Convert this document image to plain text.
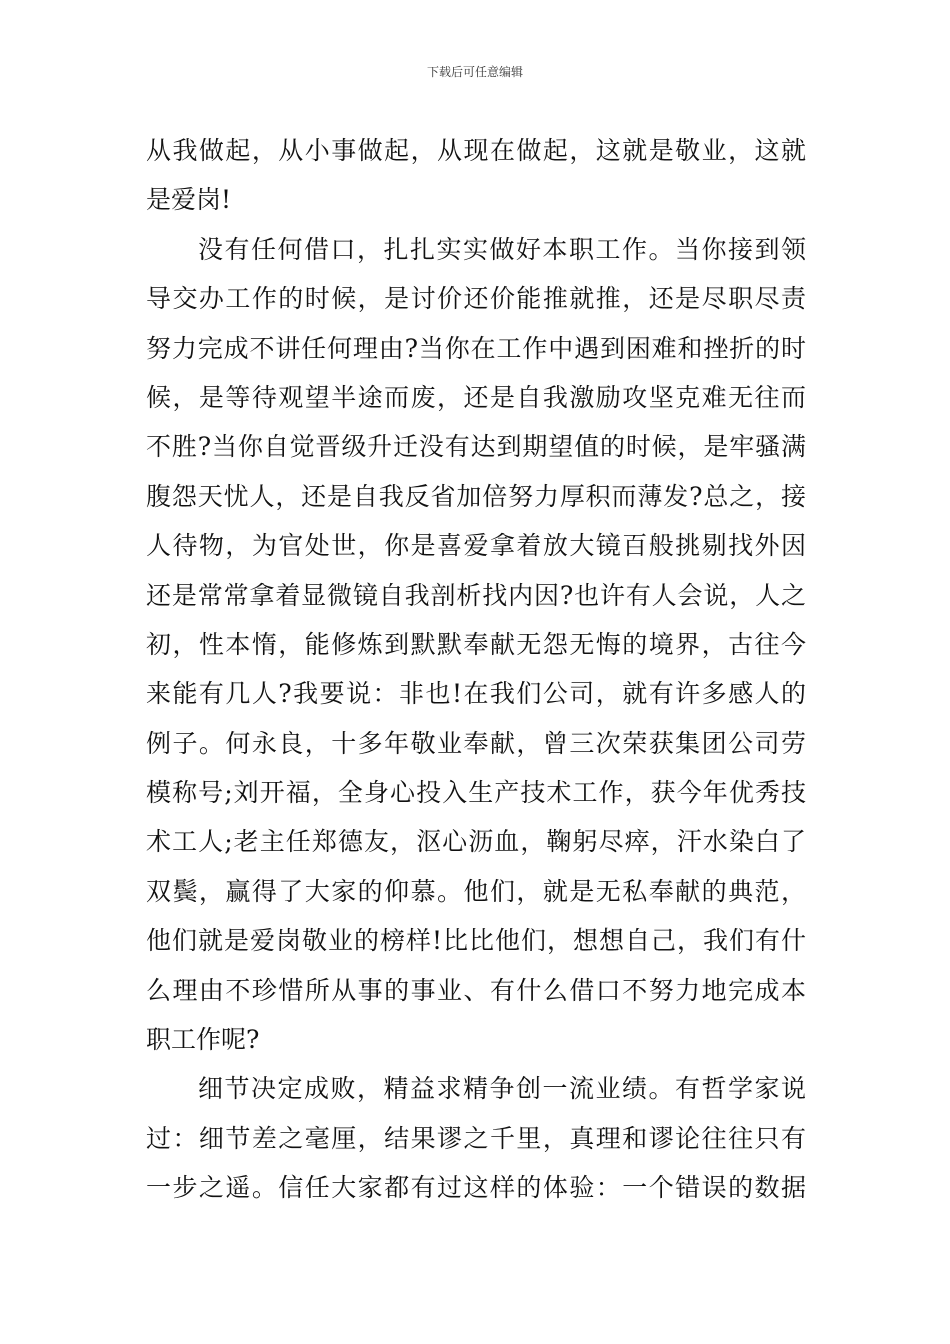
下载后可任意编辑
从我做起，从小事做起，从现在做起，这就是敬业，这就
是爱岗!
没有任何借口，扎扎实实做好本职工作。当你接到领
导交办工作的时候，是讨价还价能推就推，还是尽职尽责
努力完成不讲任何理由?当你在工作中遇到困难和挫折的时
候，是等待观望半途而废，还是自我激励攻坚克难无往而
不胜?当你自觉晋级升迁没有达到期望值的时候，是牢骚满
腹怨天忧人，还是自我反省加倍努力厚积而薄发?总之，接
人待物，为官处世，你是喜爱拿着放大镜百般挑剔找外因
还是常常拿着显微镜自我剖析找内因?也许有人会说，人之
初，性本惰，能修炼到默默奉献无怨无悔的境界，古往今
来能有几人?我要说：非也!在我们公司，就有许多感人的
例子。何永良，十多年敬业奉献，曾三次荣获集团公司劳
模称号;刘开福，全身心投入生产技术工作，获今年优秀技
术工人;老主任郑德友，沤心沥血，鞠躬尽瘁，汗水染白了
双鬓，赢得了大家的仰慕。他们，就是无私奉献的典范，
他们就是爱岗敬业的榜样!比比他们，想想自己，我们有什
么理由不珍惜所从事的事业、有什么借口不努力地完成本
职工作呢?
细节决定成败，精益求精争创一流业绩。有哲学家说
过：细节差之毫厘，结果谬之千里，真理和谬论往往只有
一步之遥。信任大家都有过这样的体验：一个错误的数据
